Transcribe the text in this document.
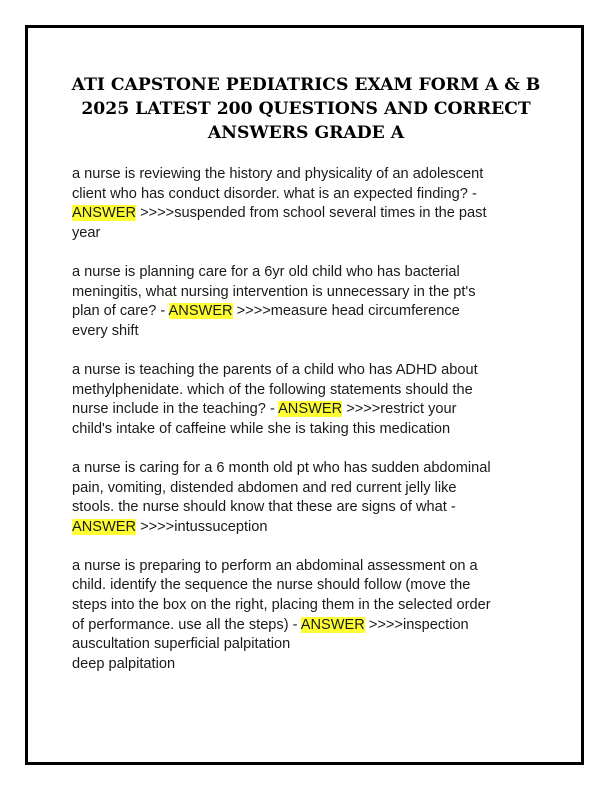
ATI CAPSTONE PEDIATRICS EXAM FORM A & B
2025 LATEST 200 QUESTIONS AND CORRECT
ANSWERS GRADE A
a nurse is reviewing the history and physicality of an adolescent
client who has conduct disorder. what is an expected finding? -
ANSWER >>>>suspended from school several times in the past
year
a nurse is planning care for a 6yr old child who has bacterial
meningitis, what nursing intervention is unnecessary in the pt's
plan of care? - ANSWER >>>>measure head circumference
every shift
a nurse is teaching the parents of a child who has ADHD about
methylphenidate. which of the following statements should the
nurse include in the teaching? - ANSWER >>>>restrict your
child's intake of caffeine while she is taking this medication
a nurse is caring for a 6 month old pt who has sudden abdominal
pain, vomiting, distended abdomen and red current jelly like
stools. the nurse should know that these are signs of what -
ANSWER >>>>intussuception
a nurse is preparing to perform an abdominal assessment on a
child. identify the sequence the nurse should follow (move the
steps into the box on the right, placing them in the selected order
of performance. use all the steps) - ANSWER >>>>inspection
auscultation superficial palpitation
deep palpitation
